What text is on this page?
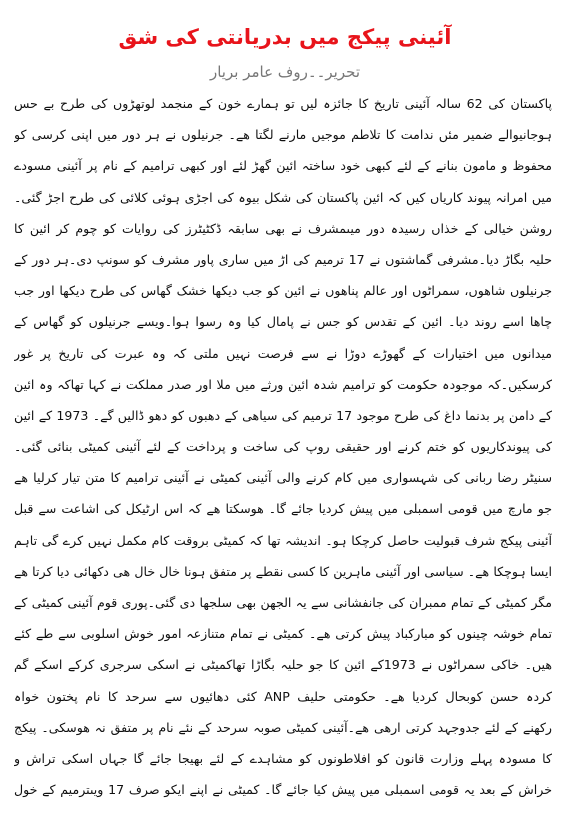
آئینی پیکج میں بدریانتی کی شق
تحریر۔۔روف عامر بریار
پاکستان کی 62 سالہ آئینی تاریخ کا جائزہ لیں تو ہمارے خون کے منجمد لوتھڑوں کی طرح بے حس
ہوجانیوالے ضمیر مئں ندامت کا تلاطم موجیں مارنے لگتا ھے۔ جرنیلوں نے ہر دور میں اپنی کرسی کو
محفوظ و مامون بنانے کے لئے کبھی خود ساختہ ائین گھڑ لئے اور کبھی ترامیم کے نام پر آئینی مسودے
میں امرانہ پیوند کاریاں کیں کہ ائین پاکستان کی شکل بیوہ کی اجڑی ہوئی کلائی کی طرح اجڑ گئی۔
روشن خیالی کے خذاں رسیدہ دور میںمشرف نے بھی سابقہ ڈکٹیٹرز کی روایات کو چوم کر ائین کا
حلیہ بگاڑ دیا۔مشرفی گماشتوں نے 17 ترمیم کی اڑ میں ساری پاور مشرف کو سونپ دی۔ہر دور کے
جرنیلوں شاھوں، سمراٹوں اور عالم پناھوں نے ائین کو جب دیکھا خشک گھاس کی طرح دیکھا اور جب
چاھا اسے روند دیا۔ ائین کے تقدس کو جس نے پامال کیا وہ رسوا ہوا۔ویسے جرنیلوں کو گھاس کے
میدانوں میں اختیارات کے گھوڑے دوڑا نے سے فرصت نہیں ملتی کہ وہ عبرت کی تاریخ پر غور
کرسکیں۔کہ موجودہ حکومت کو ترامیم شدہ ائین ورثے میں ملا اور صدر مملکت نے کہا تھاکہ وہ ائین
کے دامن پر بدنما داغ کی طرح موجود 17 ترمیم کی سیاھی کے دھبوں کو دھو ڈالیں گے۔ 1973 کے ائین
کی پیوندکاریوں کو ختم کرنے اور حقیقی روپ کی ساخت و پرداخت کے لئے آئینی کمیٹی بنائی گئی۔
سنیٹر رضا ربانی کی شہسواری میں کام کرنے والی آئینی کمیٹی نے آئینی ترامیم کا متن تیار کرلیا ھے
جو مارچ میں قومی اسمبلی میں پیش کردیا جائے گا۔ ھوسکتا ھے کہ اس ارٹیکل کی اشاعت سے قبل
آئینی پیکج شرف قبولیت حاصل کرچکا ہو۔ اندیشہ تھا کہ کمیٹی بروقت کام مکمل نہیں کرے گی تاہم
ایسا ہوچکا ھے۔ سیاسی اور آئینی ماہرین کا کسی نقطے پر متفق ہونا خال خال ھی دکھائی دیا کرتا ھے
مگر کمیٹی کے تمام ممبران کی جانفشانی سے یہ الجھن بھی سلجھا دی گئی۔پوری قوم آئینی کمیٹی کے
تمام خوشہ چینوں کو مبارکباد پیش کرتی ھے۔ کمیٹی نے تمام متنازعہ امور خوش اسلوبی سے طے کئے
ھیں۔ خاکی سمراٹوں نے 1973کے ائین کا جو حلیہ بگاڑا تھاکمیٹی نے اسکی سرجری کرکے اسکے گم
کردہ حسن کوبحال کردیا ھے۔ حکومتی حلیف ANP کئی دھائیوں سے سرحد کا نام پختون خواہ
رکھنے کے لئے جدوجہد کرتی ارھی ھے۔آئینی کمیٹی صوبہ سرحد کے نئے نام پر متفق نہ ھوسکی۔ پیکج
کا مسودہ پہلے وزارت قانون کو افلاطونوں کو مشاہدے کے لئے بھیجا جائے گا جہاں اسکی تراش و
خراش کے بعد یہ قومی اسمبلی میں پیش کیا جائے گا۔ کمیٹی نے اپنے ایکو صرف 17 ویںترمیم کے خول
